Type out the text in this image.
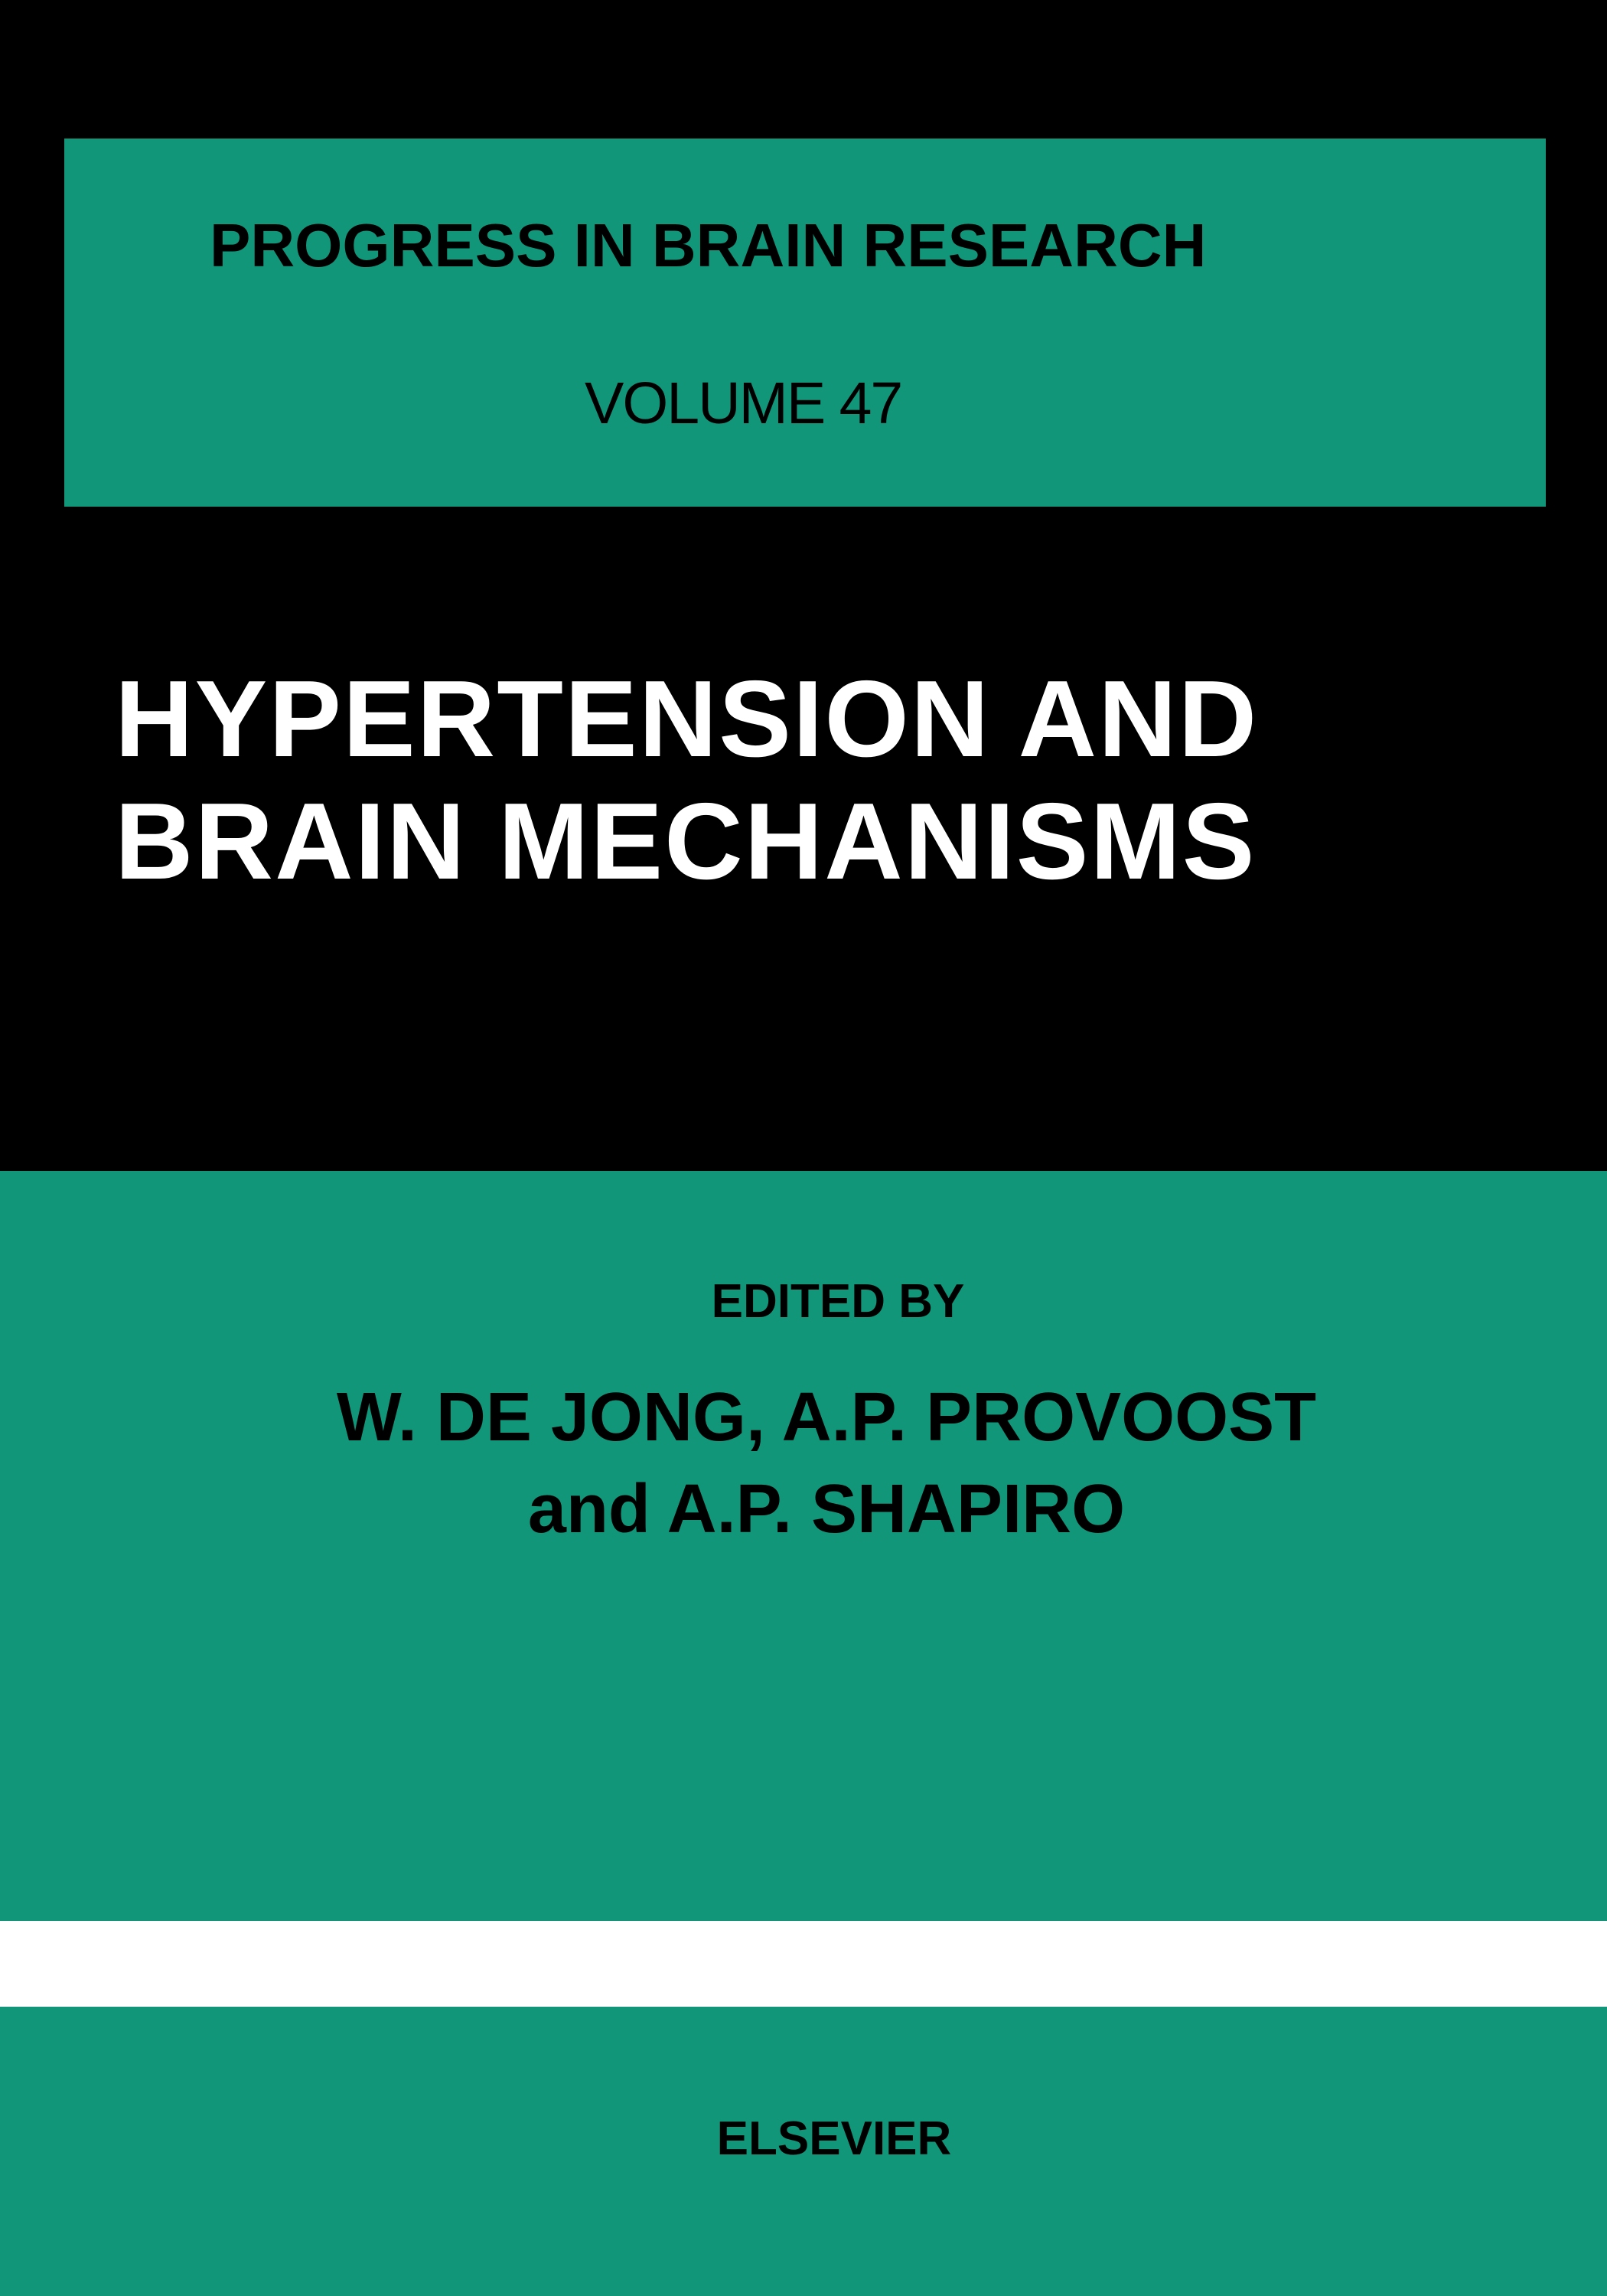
PROGRESS IN BRAIN RESEARCH
VOLUME 47
HYPERTENSION AND
BRAIN MECHANISMS
EDITED BY
W. DE JONG, A.P. PROVOOST
and A.P. SHAPIRO
ELSEVIER
